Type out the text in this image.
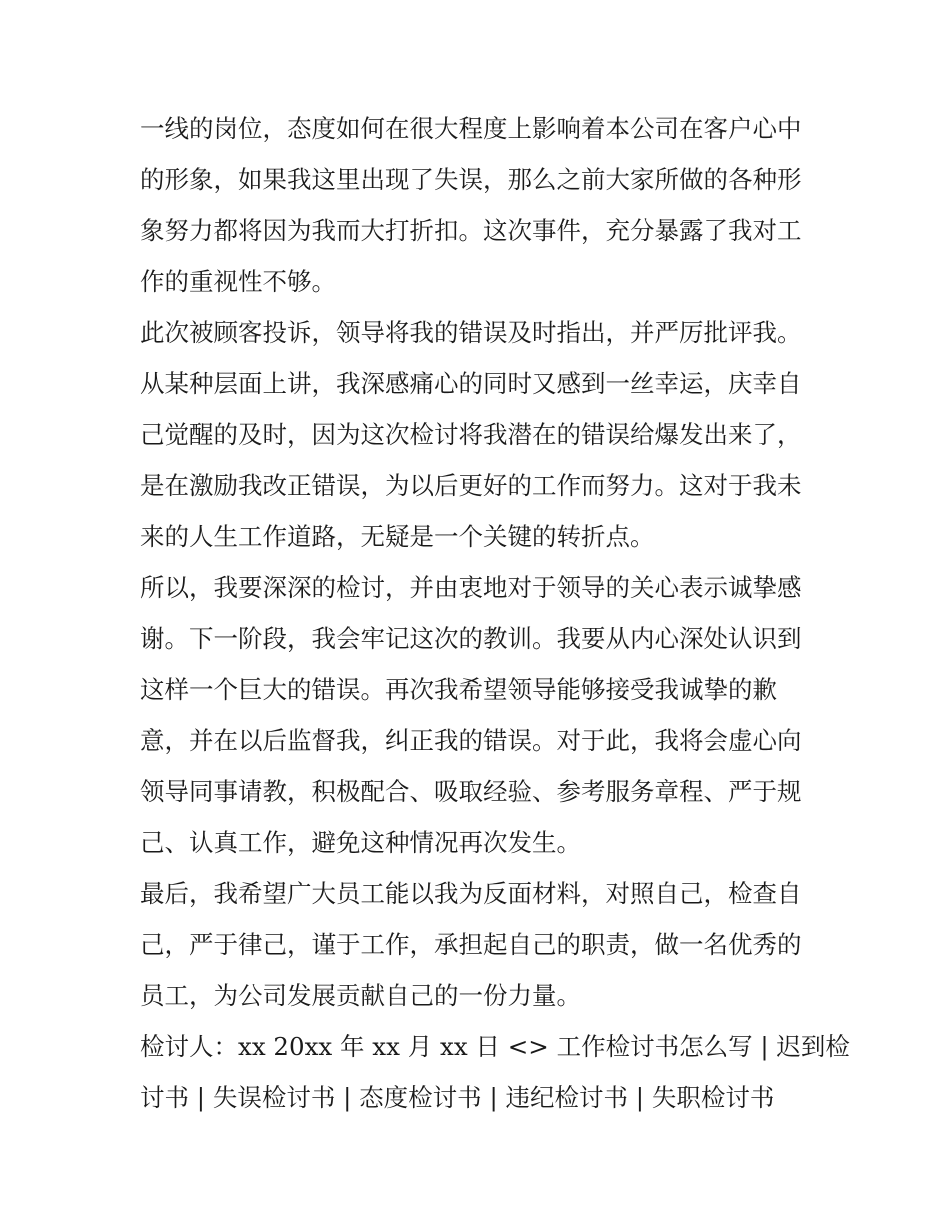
一线的岗位，态度如何在很大程度上影响着本公司在客户心中
的形象，如果我这里出现了失误，那么之前大家所做的各种形
象努力都将因为我而大打折扣。这次事件，充分暴露了我对工
作的重视性不够。
此次被顾客投诉，领导将我的错误及时指出，并严厉批评我。
从某种层面上讲，我深感痛心的同时又感到一丝幸运，庆幸自
己觉醒的及时，因为这次检讨将我潜在的错误给爆发出来了，
是在激励我改正错误，为以后更好的工作而努力。这对于我未
来的人生工作道路，无疑是一个关键的转折点。
所以，我要深深的检讨，并由衷地对于领导的关心表示诚挚感
谢。下一阶段，我会牢记这次的教训。我要从内心深处认识到
这样一个巨大的错误。再次我希望领导能够接受我诚挚的歉
意，并在以后监督我，纠正我的错误。对于此，我将会虚心向
领导同事请教，积极配合、吸取经验、参考服务章程、严于规
己、认真工作，避免这种情况再次发生。
最后，我希望广大员工能以我为反面材料，对照自己，检查自
己，严于律己，谨于工作，承担起自己的职责，做一名优秀的
员工，为公司发展贡献自己的一份力量。
检讨人：xx 20xx 年 xx 月 xx 日 <> 工作检讨书怎么写 | 迟到检
讨书 | 失误检讨书 | 态度检讨书 | 违纪检讨书 | 失职检讨书
